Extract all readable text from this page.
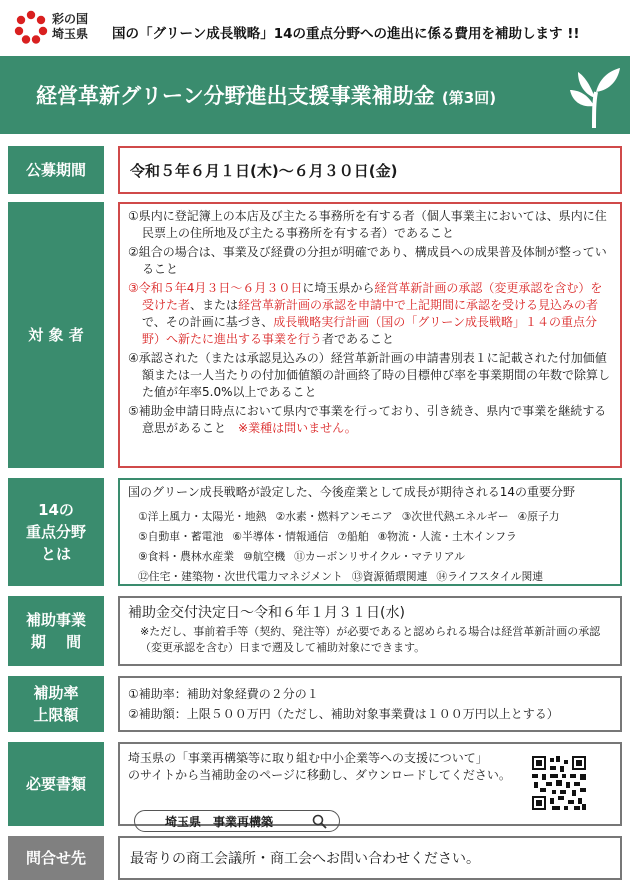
彩の国
埼玉県 国の「グリーン成長戦略」14の重点分野への進出に係る費用を補助します !!
経営革新グリーン分野進出支援事業補助金 (第3回)
公募期間	令和５年６月１日(木)～６月３０日(金)
対 象 者
①県内に登記簿上の本店及び主たる事務所を有する者（個人事業主においては、県内に住民票上の住所地及び主たる事務所を有する者）であること
②組合の場合は、事業及び経費の分担が明確であり、構成員への成果普及体制が整っていること
③令和５年4月３日～６月３０日に埼玉県から経営革新計画の承認（変更承認を含む）を受けた者、または経営革新計画の承認を申請中で上記期間に承認を受ける見込みの者で、その計画に基づき、成長戦略実行計画（国の「グリーン成長戦略」１４の重点分野）へ新たに進出する事業を行う者であること
④承認された（または承認見込みの）経営革新計画の申請書別表１に記載された付加価値額または一人当たりの付加価値額の計画終了時の目標伸び率を事業期間の年数で除算した値が年率5.0%以上であること
⑤補助金申請日時点において県内で事業を行っており、引き続き、県内で事業を継続する意思があること　 ※業種は問いません。
14の
重点分野
とは
国のグリーン成長戦略が設定した、今後産業として成長が期待される14の重要分野
①洋上風力・太陽光・地熱 ②水素・燃料アンモニア ③次世代熱エネルギー ④原子力
⑤自動車・蓄電池 ⑥半導体・情報通信 ⑦船舶 ⑧物流・人流・土木インフラ
⑨食料・農林水産業 ⑩航空機 ⑪カーボンリサイクル・マテリアル
⑫住宅・建築物・次世代電力マネジメント ⑬資源循環関連 ⑭ライフスタイル関連
補助事業
期　 間
補助金交付決定日～令和６年１月３１日(水)
※ただし、事前着手等（契約、発注等）が必要であると認められる場合は経営革新計画の承認（変更承認を含む）日まで遡及して補助対象にできます。
補助率
上限額
①補助率：補助対象経費の２分の１
②補助額：上限５００万円（ただし、補助対象事業費は１００万円以上とする）
必要書類
埼玉県の「事業再構築等に取り組む中小企業等への支援について」
のサイトから当補助金のページに移動し、ダウンロードしてください。
埼玉県　事業再構築
問合せ先	最寄りの商工会議所・商工会へお問い合わせください。
